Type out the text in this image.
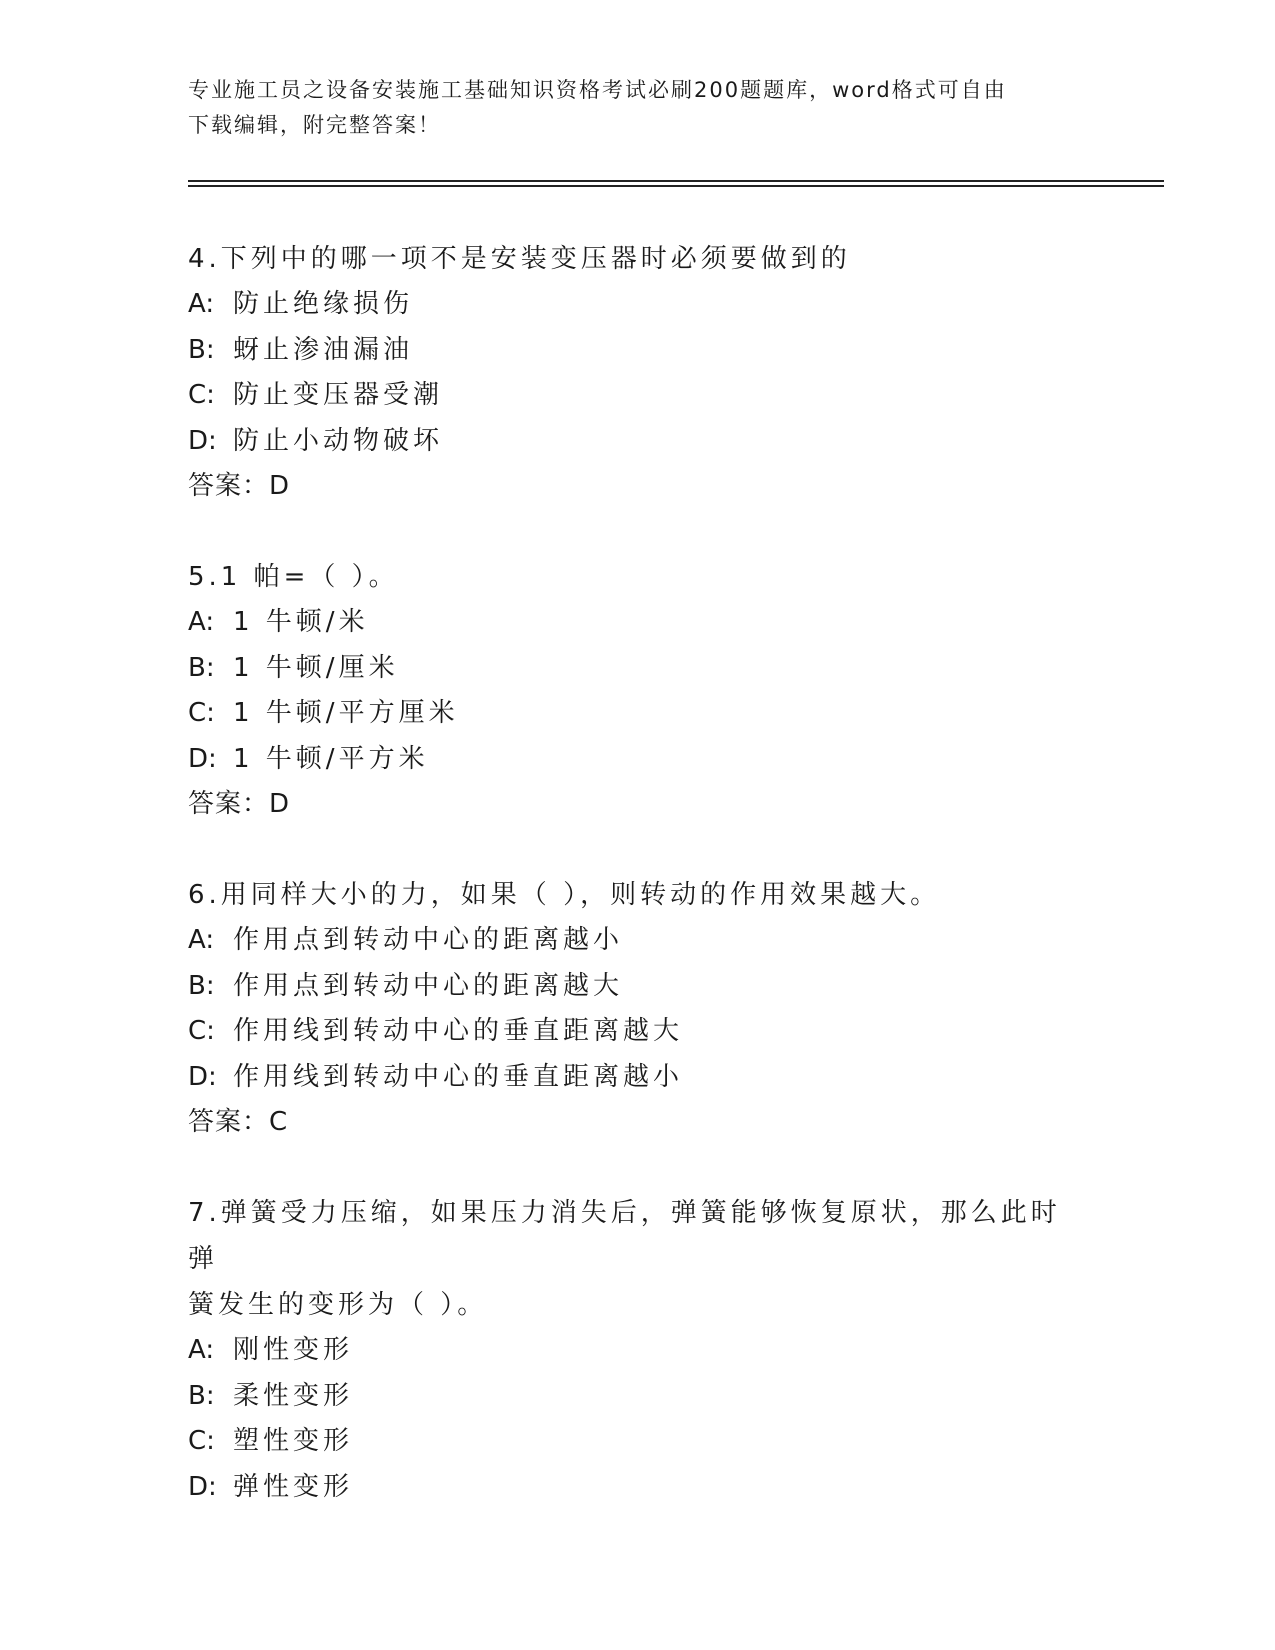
专业施工员之设备安装施工基础知识资格考试必刷200题题库，word格式可自由
下载编辑，附完整答案！

4.下列中的哪一项不是安装变压器时必须要做到的

A: 防止绝缘损伤

B: 蚜止渗油漏油

C: 防止变压器受潮

D: 防止小动物破坏

答案：D

5.1 帕=（ ）。

A: 1 牛顿/米

B: 1 牛顿/厘米

C: 1 牛顿/平方厘米

D: 1 牛顿/平方米

答案：D

6.用同样大小的力，如果（ ），则转动的作用效果越大。

A: 作用点到转动中心的距离越小

B: 作用点到转动中心的距离越大

C: 作用线到转动中心的垂直距离越大

D: 作用线到转动中心的垂直距离越小

答案：C

7.弹簧受力压缩，如果压力消失后，弹簧能够恢复原状，那么此时弹

簧发生的变形为（ ）。

A: 刚性变形

B: 柔性变形

C: 塑性变形

D: 弹性变形
